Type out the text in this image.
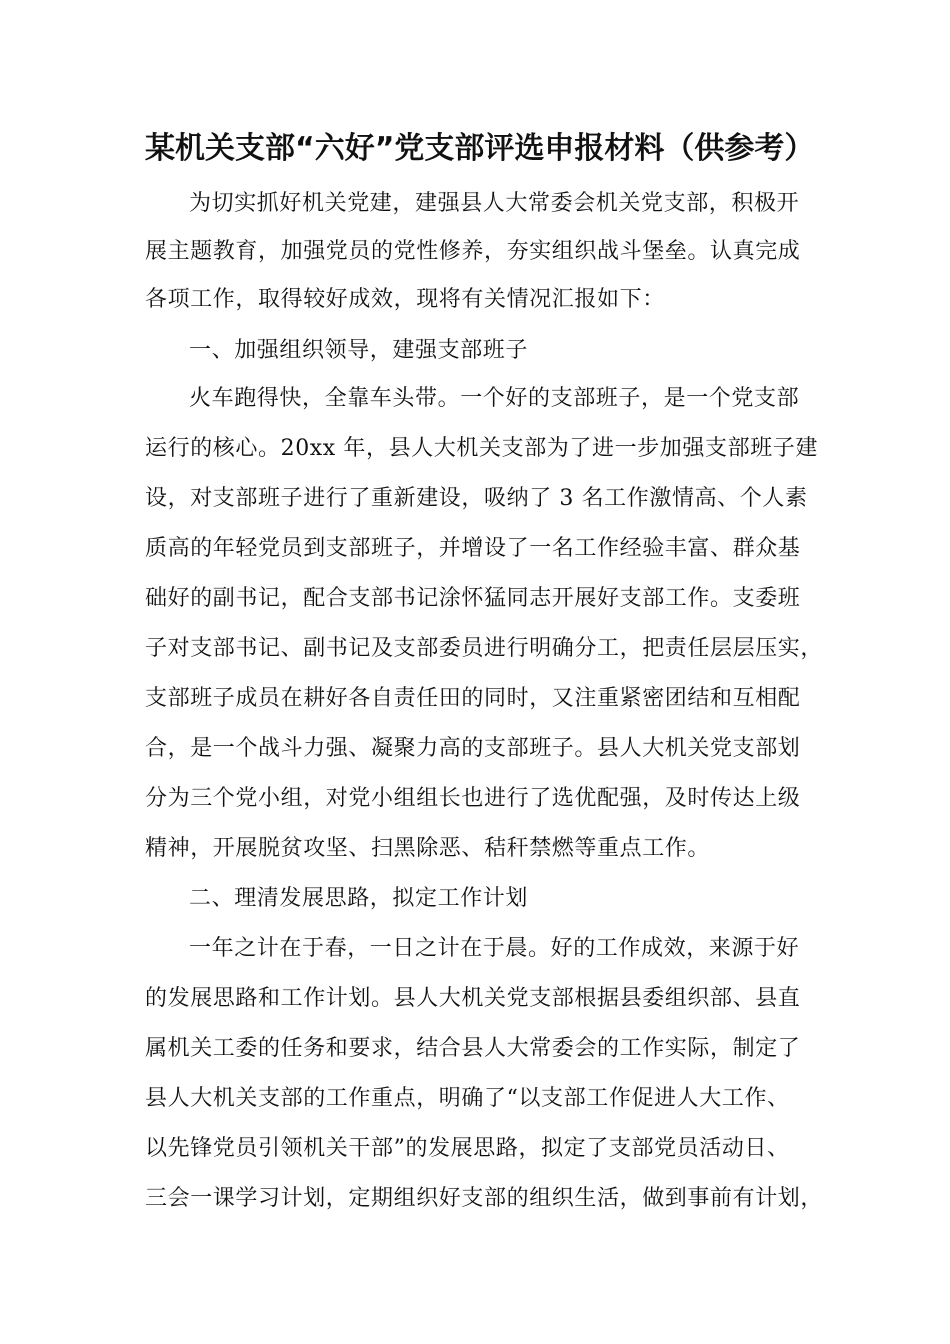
某机关支部“六好”党支部评选申报材料（供参考）
为切实抓好机关党建，建强县人大常委会机关党支部，积极开
展主题教育，加强党员的党性修养，夯实组织战斗堡垒。认真完成
各项工作，取得较好成效，现将有关情况汇报如下：
一、加强组织领导，建强支部班子
火车跑得快，全靠车头带。一个好的支部班子，是一个党支部
运行的核心。20xx 年，县人大机关支部为了进一步加强支部班子建
设，对支部班子进行了重新建设，吸纳了 3 名工作激情高、个人素
质高的年轻党员到支部班子，并增设了一名工作经验丰富、群众基
础好的副书记，配合支部书记涂怀猛同志开展好支部工作。支委班
子对支部书记、副书记及支部委员进行明确分工，把责任层层压实，
支部班子成员在耕好各自责任田的同时，又注重紧密团结和互相配
合，是一个战斗力强、凝聚力高的支部班子。县人大机关党支部划
分为三个党小组，对党小组组长也进行了选优配强，及时传达上级
精神，开展脱贫攻坚、扫黑除恶、秸秆禁燃等重点工作。
二、理清发展思路，拟定工作计划
一年之计在于春，一日之计在于晨。好的工作成效，来源于好
的发展思路和工作计划。县人大机关党支部根据县委组织部、县直
属机关工委的任务和要求，结合县人大常委会的工作实际，制定了
县人大机关支部的工作重点，明确了“以支部工作促进人大工作、
以先锋党员引领机关干部”的发展思路，拟定了支部党员活动日、
三会一课学习计划，定期组织好支部的组织生活，做到事前有计划，
